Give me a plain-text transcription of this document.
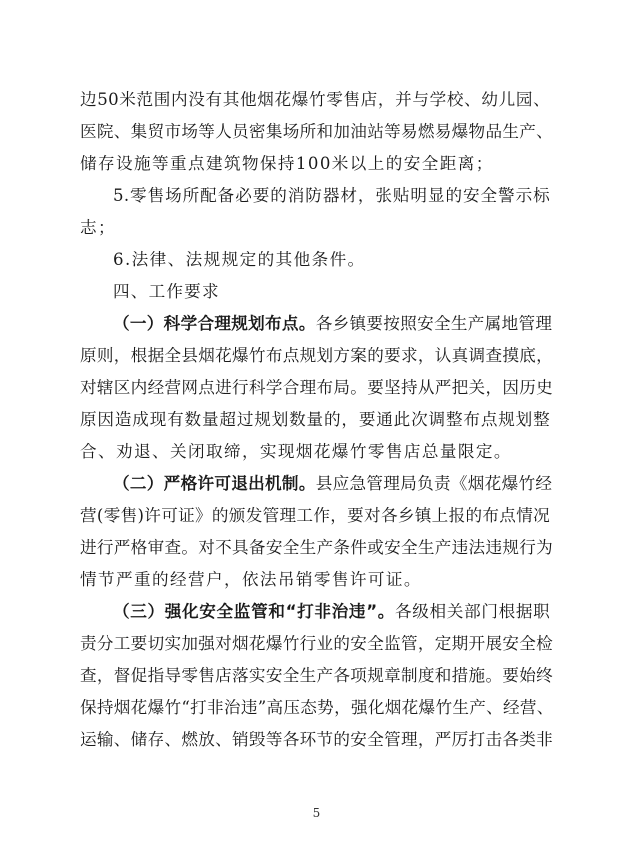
边50米范围内没有其他烟花爆竹零售店，并与学校、幼儿园、
医院、集贸市场等人员密集场所和加油站等易燃易爆物品生产、
储存设施等重点建筑物保持100米以上的安全距离；
5.零售场所配备必要的消防器材，张贴明显的安全警示标
志；
6.法律、法规规定的其他条件。
四、工作要求
（一）科学合理规划布点。各乡镇要按照安全生产属地管理
原则，根据全县烟花爆竹布点规划方案的要求，认真调查摸底，
对辖区内经营网点进行科学合理布局。要坚持从严把关，因历史
原因造成现有数量超过规划数量的，要通此次调整布点规划整
合、劝退、关闭取缔，实现烟花爆竹零售店总量限定。
（二）严格许可退出机制。县应急管理局负责《烟花爆竹经
营(零售)许可证》的颁发管理工作，要对各乡镇上报的布点情况
进行严格审查。对不具备安全生产条件或安全生产违法违规行为
情节严重的经营户，依法吊销零售许可证。
（三）强化安全监管和“打非治违”。各级相关部门根据职
责分工要切实加强对烟花爆竹行业的安全监管，定期开展安全检
查，督促指导零售店落实安全生产各项规章制度和措施。要始终
保持烟花爆竹“打非治违”高压态势，强化烟花爆竹生产、经营、
运输、储存、燃放、销毁等各环节的安全管理，严厉打击各类非
5
